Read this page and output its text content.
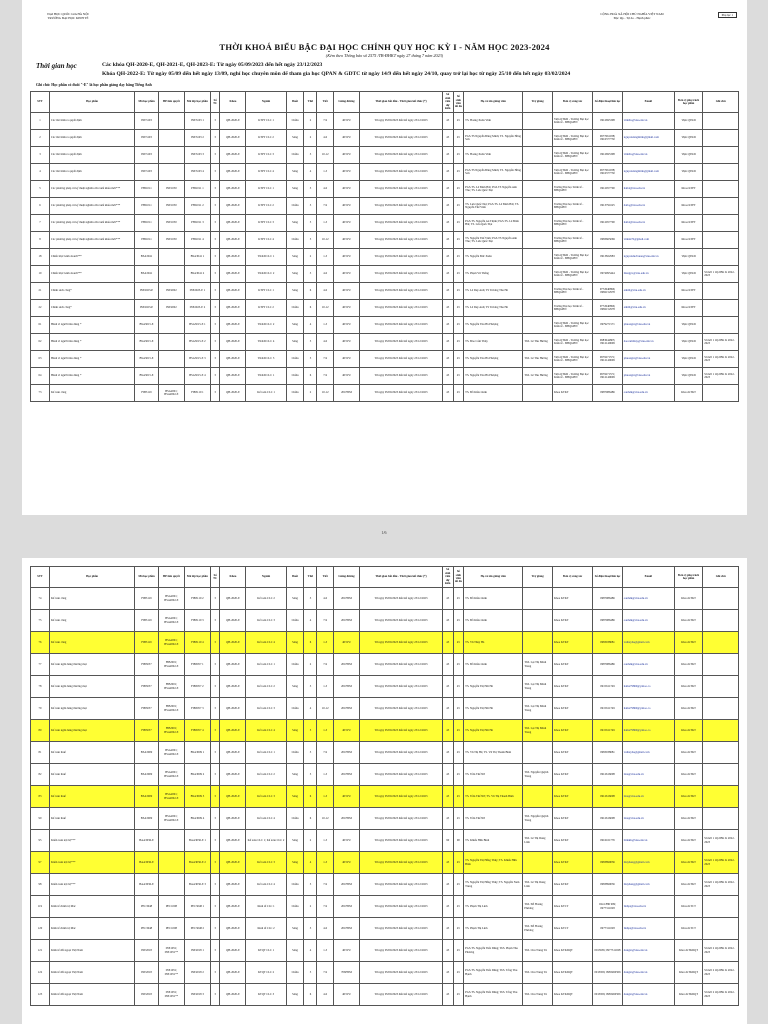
ĐẠI HỌC QUỐC GIA HÀ NỘI
TRƯỜNG ĐẠI HỌC KINH TẾ
CỘNG HOÀ XÃ HỘI CHỦ NGHĨA VIỆT NAM
Độc lập - Tự do - Hạnh phúc
Phụ lục 1
THỜI KHOÁ BIỂU BẬC ĐẠI HỌC CHÍNH QUY HỌC KỲ I - NĂM HỌC 2023-2024
(Kèm theo Thông báo số 2575 /TB-ĐHKT ngày 27 tháng 7 năm 2023)
Thời gian học	Các khóa QH-2020-E, QH-2021-E, QH-2023-E: Từ ngày 05/09/2023 đến hết ngày 23/12/2023
Khóa QH-2022-E: Từ ngày 05/09 đến hết ngày 13/09, nghỉ học chuyên môn để tham gia học QPAN & GDTC từ ngày 14/9 đến hết ngày 24/10, quay trở lại học từ ngày 25/10 đến hết ngày 03/02/2024
Ghi chú: Học phần có đuôi "-E" là học phần giảng dạy bằng Tiếng Anh
STT	Học phần	Mã học phần	HP tiên quyết	Mã lớp học phần	Số TC	Khóa	Ngành	Buổi	Thứ	Tiết	Giảng đường	Thời gian bắt đầu - Thời gian kết thúc (*)	Số sinh viên dự kiến	Số sinh viên tối đa	Họ và tên giảng viên	Trợ giảng	Đơn vị công tác	Số điện thoại liên lạc	Email	Đơn vị phụ trách học phần	Ghi chú
1	Các mô hình ra quyết định	INE3103		INE3103 1	3	QH-2020-E	KTPT CLC 1	Chiều	2	7-9	403VU	Từ ngày 05/09/2023 đến hết ngày 23/12/2023	45	45	TS. Hoàng Xuân Vinh		Viện QTKD - Trường Đại học Kinh tế - ĐHQGHN	0912695398	vinhhx@vnu.edu.vn	Viện QTKD	
2	Các mô hình ra quyết định	INE3103		INE3103 2	3	QH-2020-E	KTPT CLC 2	Sáng	2	4-6	403VU	Từ ngày 05/09/2023 đến hết ngày 23/12/2023	45	45	PGS.TS Nguyễn Đăng Minh; TS. Nguyễn Hồng Sơn		Viện QTKD - Trường Đại học Kinh tế - ĐHQGHN	0977661038; 0916377730	nguyendangminh@gmail.com	Viện QTKD	
3	Các mô hình ra quyết định	INE3103		INE3103 3	3	QH-2020-E	KTPT CLC 3	Chiều	3	10-12	403VU	Từ ngày 05/09/2023 đến hết ngày 23/12/2023	45	45	TS. Hoàng Xuân Vinh		Viện QTKD - Trường Đại học Kinh tế - ĐHQGHN	0912695398	vinhhx@vnu.edu.vn	Viện QTKD	
4	Các mô hình ra quyết định	INE3103		INE3103 4	3	QH-2020-E	KTPT CLC 4	Sáng	4	1-3	403VU	Từ ngày 05/09/2023 đến hết ngày 23/12/2023	45	45	PGS.TS Nguyễn Đăng Minh; TS. Nguyễn Hồng Sơn		Viện QTKD - Trường Đại học Kinh tế - ĐHQGHN	0977661038; 0916377730	nguyendangminh@gmail.com	Viện QTKD	
5	Các phương pháp và kỹ thuật nghiên cứu xuất khẩu mới***	PHI1011	INE1050	PHI1011 1	3	QH-2020-E	KTPT CLC 1	Sáng	3	4-6	403VU	Từ ngày 05/09/2023 đến hết ngày 23/12/2023	45	45	PGS.TS. Lê Đình Hải; PGS.TS Nguyễn Anh Thu; TS. Lưu Quốc Đạt		Trường Đại học Kinh tế - ĐHQGHN	0912957700	haild@vnu.edu.vn	Khoa KTPT	
6	Các phương pháp và kỹ thuật nghiên cứu xuất khẩu mới***	PHI1011	INE1050	PHI1011 2	3	QH-2020-E	KTPT CLC 2	Chiều	3	7-9	403VU	Từ ngày 05/09/2023 đến hết ngày 23/12/2023	45	45	TS. Lưu Quốc Đạt; PGS.TS. Lê Đình Hải; TS. Nguyễn Thế Vinh		Trường Đại học Kinh tế - ĐHQGHN	0913791625	datlq@vnu.edu.vn	Khoa KTPT	
7	Các phương pháp và kỹ thuật nghiên cứu xuất khẩu mới***	PHI1011	INE1050	PHI1011 3	3	QH-2020-E	KTPT CLC 3	Sáng	5	1-3	403VU	Từ ngày 05/09/2023 đến hết ngày 23/12/2023	45	45	PGS.TS. Nguyễn An Thịnh; PGS.TS. Lê Đình Hải; TS. Lưu Quốc Đạt		Trường Đại học Kinh tế - ĐHQGHN	0912957700	haild@vnu.edu.vn	Khoa KTPT	
8	Các phương pháp và kỹ thuật nghiên cứu xuất khẩu mới***	PHI1011	INE1050	PHI1011 4	3	QH-2020-E	KTPT CLC 4	Chiều	5	10-12	403VU	Từ ngày 05/09/2023 đến hết ngày 23/12/2023	45	45	TS. Nguyễn Thế Vinh; PGS.TS Nguyễn Anh Thu; TS. Lưu Quốc Đạt		Trường Đại học Kinh tế - ĐHQGHN	0983665069	vinhnt76@gmail.com	Khoa KTPT	
18	Chiến lược kinh doanh***	BSA3041		BSA3041 1	3	QH-2020-E	TKKD CLC 1	Sáng	2	1-3	403VU	Từ ngày 05/09/2023 đến hết ngày 23/12/2023	45	45	TS. Nguyễn Đức Xuân		Viện QTKD - Trường Đại học Kinh tế - ĐHQGHN	0913822983	nguyenduclxuan@vnu.edu.vn	Viện QTKD	
19	Chiến lược kinh doanh***	BSA3041		BSA3041 2	3	QH-2020-E	TKKD CLC 2	Sáng	3	4-6	403VU	Từ ngày 05/09/2023 đến hết ngày 23/12/2023	45	45	TS. Phạm Vũ Thắng		Viện QTKD - Trường Đại học Kinh tế - ĐHQGHN	0974995444	thangpv@vnu.edu.vn	Viện QTKD	Sĩ mới 1 lớp IBK K 2022-2023
21	Chính sách công*	INE2023-E	INE2002	INE2023-E 1	3	QH-2020-E	KTPT CLC 1	Sáng	6	4-6	403VU	Từ ngày 05/09/2023 đến hết ngày 23/12/2023	45	45	TS. Lê Duy Anh; TS Trương Thu Hà		Trường Đại học Kinh tế - ĐHQGHN	0772640896; 0982152978	anhld@vnu.edu.vn	Khoa KTPT	
22	Chính sách công*	INE2023-E	INE2002	INE2023-E 2	3	QH-2020-E	KTPT CLC 2	Chiều	6	10-12	403VU	Từ ngày 05/09/2023 đến hết ngày 23/12/2023	45	45	TS. Lê Duy Anh; TS Trương Thu Hà		Trường Đại học Kinh tế - ĐHQGHN	0772640896; 0982152978	anhld@vnu.edu.vn	Khoa KTPT	
61	Hành vi người tiêu dùng *	BSA3015-E		BSA3015-E 1	3	QH-2020-E	TKKD CLC 2	Sáng	4	1-3	403VU	Từ ngày 05/09/2023 đến hết ngày 23/12/2023	45	45	TS. Nguyễn Thu Hà Phượng		Viện QTKD - Trường Đại học Kinh tế - ĐHQGHN	0979271571	phuongnt@vnu.edu.vn	Viện QTKD	
62	Hành vi người tiêu dùng *	BSA3015-E		BSA3015-E 2	3	QH-2020-E	TKKD CLC 4	Sáng	5	4-6	403VU	Từ ngày 05/09/2023 đến hết ngày 23/12/2023	45	45	TS. Đào Cẩm Thủy	ThS. Lê Thu Hương	Viện QTKD - Trường Đại học Kinh tế - ĐHQGHN	0983644805; 0912149699	daocamthuy@vnu.edu.vn	Viện QTKD	Sĩ mới 1 lớp IBK K 2022-2023
63	Hành vi người tiêu dùng *	BSA3015-E		BSA3015-E 3	3	QH-2020-E	TKKD CLC 3	Chiều	5	7-9	403VU	Từ ngày 05/09/2023 đến hết ngày 23/12/2023	45	45	TS. Nguyễn Thu Hà Phượng	ThS. Lê Thu Hương	Viện QTKD - Trường Đại học Kinh tế - ĐHQGHN	0979271571; 0912149699	phuongnt@vnu.edu.vn	Viện QTKD	Sĩ mới 1 lớp IBK K 2022-2023
64	Hành vi người tiêu dùng *	BSA3015-E		BSA3015-E 4	3	QH-2020-E	TKKD CLC 1	Chiều	6	7-9	403VU	Từ ngày 05/09/2023 đến hết ngày 23/12/2023	45	45	TS. Nguyễn Thu Hà Phượng	ThS. Lê Thu Hương	Viện QTKD - Trường Đại học Kinh tế - ĐHQGHN	0979271571; 0912149699	phuongnt@vnu.edu.vn	Viện QTKD	Sĩ mới 1 lớp IBK K 2022-2023
73	Kế toán công	FIB3119	BSA2001; BSA2002-E	FIB3119 1	3	QH-2020-E	Kế toán CLC 1	Chiều	2	10-12	201HTM	Từ ngày 05/09/2023 đến hết ngày 23/12/2023	45	45	TS. Đỗ Kiều Oanh		Khoa KTKT	0987986486	oanhdk@vnu.edu.vn	Khoa KTKT	
1/6
STT	Học phần	Mã học phần	HP tiên quyết	Mã lớp học phần	Số TC	Khóa	Ngành	Buổi	Thứ	Tiết	Giảng đường	Thời gian bắt đầu - Thời gian kết thúc (*)	Số sinh viên dự kiến	Số sinh viên tối đa	Họ và tên giảng viên	Trợ giảng	Đơn vị công tác	Số điện thoại liên lạc	Email	Đơn vị phụ trách học phần	Ghi chú
74	Kế toán công	FIB3119	BSA2001; BSA2002-E	FIB3119 2	3	QH-2020-E	Kế toán CLC 2	Sáng	3	4-6	201HTM	Từ ngày 05/09/2023 đến hết ngày 23/12/2023	45	45	TS. Đỗ Kiều Oanh		Khoa KTKT	0987986486	oanhdk@vnu.edu.vn	Khoa KTKT	
75	Kế toán công	FIB3119	BSA2001; BSA2002-E	FIB3119 3	3	QH-2020-E	Kế toán CLC 3	Chiều	4	7-9	201HTM	Từ ngày 05/09/2023 đến hết ngày 23/12/2023	45	45	TS. Đỗ Kiều Oanh		Khoa KTKT	0987986486	oanhdk@vnu.edu.vn	Khoa KTKT	
76	Kế toán công	FIB3119	BSA2001; BSA2002-E	FIB3119 4	3	QH-2020-E	Kế toán CLC 4	Sáng	6	1-3	403VU	Từ ngày 05/09/2023 đến hết ngày 23/12/2023	45	45	TS. Vũ Thùy Hà		Khoa KTKT	0983938681	vuthuyha@gmail.com	Khoa KTKT	
77	Kế toán ngân hàng thương mại	FIB3057	FIB2001; BSA2002-E	FIB3057 1	3	QH-2020-E	Kế toán CLC 1	Chiều	2	7-9	201HTM	Từ ngày 05/09/2023 đến hết ngày 23/12/2023	45	45	TS. Đỗ Kiều Oanh	ThS. Lại Thị Minh Trang	Khoa KTKT	0987986486	oanhdk@vnu.edu.vn	Khoa KTKT	
78	Kế toán ngân hàng thương mại	FIB3057	FIB2001; BSA2002-E	FIB3057 2	3	QH-2020-E	Kế toán CLC 2	Sáng	3	1-3	201HTM	Từ ngày 05/09/2023 đến hết ngày 23/12/2023	45	45	TS. Nguyễn Thị Hải Hà	ThS. Lại Thị Minh Trang	Khoa KTKT	0915611749	haiha79869@yahoo.co	Khoa KTKT	
79	Kế toán ngân hàng thương mại	FIB3057	FIB2001; BSA2002-E	FIB3057 3	3	QH-2020-E	Kế toán CLC 3	Chiều	4	10-12	201HTM	Từ ngày 05/09/2023 đến hết ngày 23/12/2023	45	45	TS. Nguyễn Thị Hải Hà	ThS. Lại Thị Minh Trang	Khoa KTKT	0915611749	haiha79869@yahoo.co	Khoa KTKT	
80	Kế toán ngân hàng thương mại	FIB3057	FIB2001; BSA2002-E	FIB3057 4	3	QH-2020-E	Kế toán CLC 4	Sáng	5	1-3	403VU	Từ ngày 05/09/2023 đến hết ngày 23/12/2023	45	45	TS. Nguyễn Thị Hải Hà	ThS. Lại Thị Minh Trang	Khoa KTKT	0915611749	haiha79869@yahoo.co	Khoa KTKT	
81	Kế toán thuế	BSA3009	BSA2001; BSA2002-E	BSA3009 1	3	QH-2020-E	Kế toán CLC 1	Chiều	3	7-9	201HTM	Từ ngày 05/09/2023 đến hết ngày 23/12/2023	45	45	TS. Vũ Thị Hà; TS. Vũ Thị Thanh Bình		Khoa KTKT	0983938681	vuthuyha@gmail.com	Khoa KTKT	
82	Kế toán thuế	BSA3009	BSA2001; BSA2002-E	BSA3009 2	3	QH-2020-E	Kế toán CLC 2	Sáng	5	1-3	201HTM	Từ ngày 05/09/2023 đến hết ngày 23/12/2023	45	45	TS. Trần Thế Nữ	ThS. Nguyễn Quỳnh Trang	Khoa KTKT	0912616008	ttnu@vnu.edu.vn	Khoa KTKT	
83	Kế toán thuế	BSA3009	BSA2001; BSA2002-E	BSA3009 3	3	QH-2020-E	Kế toán CLC 3	Sáng	6	1-3	403VU	Từ ngày 05/09/2023 đến hết ngày 23/12/2023	45	45	TS. Trần Thế Nữ; TS. Vũ Thị Thanh Bình		Khoa KTKT	0912616008	ttnu@vnu.edu.vn	Khoa KTKT	
90	Kế toán thuế	BSA3009	BSA2001; BSA2002-E	BSA3009 4	3	QH-2020-E	Kế toán CLC 4	Chiều	6	10-12	201HTM	Từ ngày 05/09/2023 đến hết ngày 23/12/2023	45	45	TS. Trần Thế Nữ	ThS. Nguyễn Quỳnh Trang	Khoa KTKT	0912616008	ttnu@vnu.edu.vn	Khoa KTKT	
95	Kiểm toán nội bộ***	BAA3036-E		BAA3036-E 1	3	QH-2020-E	Kế toán CLC 1; Kế toán CLC 2	Sáng	2	1-3	403VU	Từ ngày 05/09/2023 đến hết ngày 23/12/2023	90	90	TS. Khiếu Hữu Bình	ThS. Lê Thị Dung Linh	Khoa KTKT	0916161776	binhkh@vnu.edu.vn	Khoa KTKT	Sĩ mới 1 lớp IBK K 2022-2023
97	Kiểm toán nội bộ***	BAA3036-E		BAA3036-E 2	3	QH-2020-E	Kế toán CLC 3	Sáng	4	1-3	403VU	Từ ngày 05/09/2023 đến hết ngày 23/12/2023	45	45	TS. Nguyễn Thị Hằng Thủy; TS. Khiếu Hữu Bình		Khoa KTKT	0983899036	thuyhang@gmail.com	Khoa KTKT	Sĩ mới 1 lớp IBK K 2022-2023
98	Kiểm toán nội bộ***	BAA3036-E		BAA3036-E 3	3	QH-2020-E	Kế toán CLC 4	Chiều	5	7-9	201HTM	Từ ngày 05/09/2023 đến hết ngày 23/12/2023	45	45	TS. Nguyễn Thị Hằng Thủy; TS. Nguyễn Nam Trung	ThS. Lê Thị Dung Linh	Khoa KTKT	0983899036	thuyhang@gmail.com	Khoa KTKT	Sĩ mới 1 lớp IBK K 2022-2023
119	Kinh tế chính trị Mác	PEC3048	PEC1008	PEC3048 1	3	QH-2020-E	Kinh tế CLC 1	Chiều	2	7-9	201HTM	Từ ngày 05/09/2023 đến hết ngày 23/12/2023	45	45	TS. Phạm Thị Linh	ThS. Đỗ Hoàng Phương	Khoa KTCT	0241 886 999; 0977311028	linhpt@vnu.edu.vn	Khoa KTCT	
120	Kinh tế chính trị Mác	PEC3048	PEC1008	PEC3048 2	3	QH-2020-E	Kinh tế CLC 2	Sáng	3	4-6	201HTM	Từ ngày 05/09/2023 đến hết ngày 23/12/2023	45	45	TS. Phạm Thị Linh	ThS. Đỗ Hoàng Phương	Khoa KTCT	0977311028	linhpt@vnu.edu.vn	Khoa KTCT	
121	Kinh tế đối ngoại Việt Nam	INE2018	INE1051; INE1051**	INE2018 1	3	QH-2020-E	KTQT CLC 1	Sáng	4	1-3	403VU	Từ ngày 05/09/2023 đến hết ngày 23/12/2023	45	45	PGS.TS. Nguyễn Tiến Dũng; ThS. Phạm Thu Phương	ThS. Chu Trung Tú	Khoa KTKDQT	0913956; 0977311028	dungnt@vnu.edu.vn	Khoa KTKDQT	Sĩ mới 2 lớp IBK K 2022-2023
122	Kinh tế đối ngoại Việt Nam	INE2018	INE1051; INE1051**	INE2018 2	3	QH-2020-E	KTQT CLC 2	Chiều	5	7-9	706HTM	Từ ngày 05/09/2023 đến hết ngày 23/12/2023	45	45	PGS.TS. Nguyễn Tiến Dũng; ThS. Tống Thu Hạnh	ThS. Chu Trung Tú	Khoa KTKDQT	0913956; 0983260506	dungnt@vnu.edu.vn	Khoa KTKDQT	Sĩ mới 2 lớp IBK K 2022-2023
123	Kinh tế đối ngoại Việt Nam	INE2018	INE1051; INE1051**	INE2018 3	3	QH-2020-E	KTQT CLC 3	Sáng	6	4-6	403VU	Từ ngày 05/09/2023 đến hết ngày 23/12/2023	45	45	PGS.TS. Nguyễn Tiến Dũng; ThS. Tống Thu Hạnh	ThS. Chu Trung Tú	Khoa KTKDQT	0913956; 0983260506	dungnt@vnu.edu.vn	Khoa KTKDQT	Sĩ mới 2 lớp IBK K 2022-2023
